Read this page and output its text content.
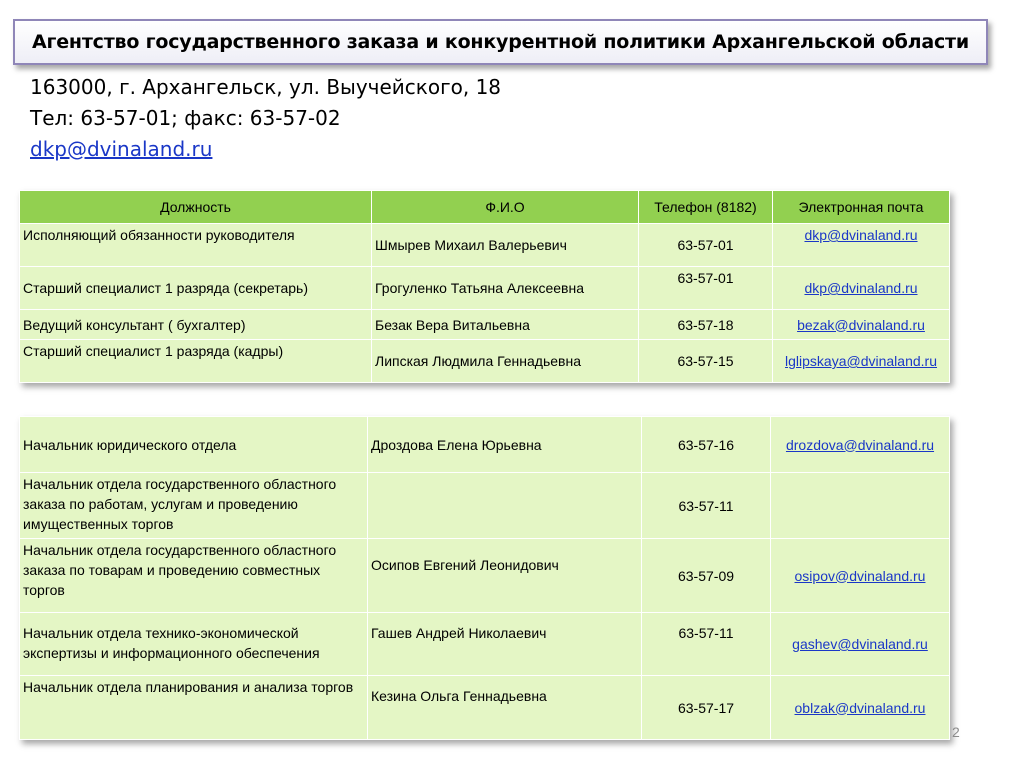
Агентство государственного заказа и конкурентной политики Архангельской области
163000, г. Архангельск, ул. Выучейского, 18
Тел: 63-57-01; факс: 63-57-02
dkp@dvinaland.ru
Должность	Ф.И.О	Телефон (8182)	Электронная почта
Исполняющий обязанности руководителя	Шмырев Михаил Валерьевич	63-57-01	dkp@dvinaland.ru
Старший специалист 1 разряда (секретарь)	Грогуленко Татьяна Алексеевна	63-57-01	dkp@dvinaland.ru
Ведущий консультант ( бухгалтер)	Безак Вера Витальевна	63-57-18	bezak@dvinaland.ru
Старший специалист 1 разряда (кадры)	Липская Людмила Геннадьевна	63-57-15	lglipskaya@dvinaland.ru
Начальник юридического отдела	Дроздова Елена Юрьевна	63-57-16	drozdova@dvinaland.ru
Начальник отдела государственного областного заказа по работам, услугам и проведению имущественных торгов		63-57-11	
Начальник отдела государственного областного заказа по товарам и проведению совместных торгов	Осипов Евгений Леонидович	63-57-09	osipov@dvinaland.ru
Начальник отдела технико-экономической экспертизы и информационного обеспечения	Гашев Андрей Николаевич	63-57-11	gashev@dvinaland.ru
Начальник отдела планирования и анализа торгов	Кезина Ольга Геннадьевна	63-57-17	oblzak@dvinaland.ru
2
